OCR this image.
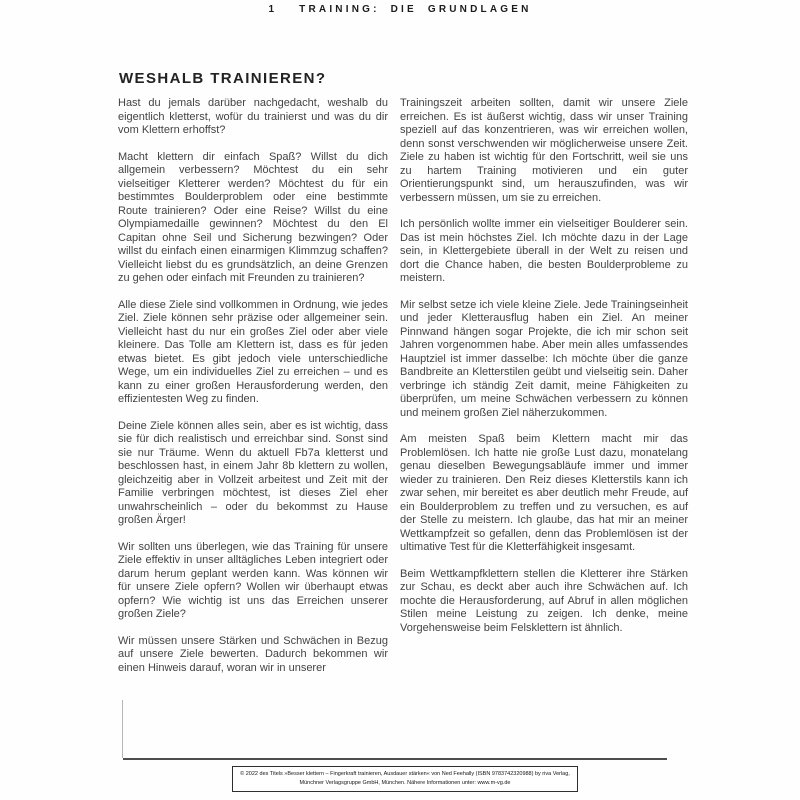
1  TRAINING: DIE GRUNDLAGEN
WESHALB TRAINIEREN?

Hast du jemals darüber nachgedacht, weshalb du eigentlich kletterst, wofür du trainierst und was du dir vom Klettern erhoffst?

Macht klettern dir einfach Spaß? Willst du dich allgemein verbessern? Möchtest du ein sehr vielseitiger Kletterer werden? Möchtest du für ein bestimmtes Boulderproblem oder eine bestimmte Route trainieren? Oder eine Reise? Willst du eine Olympiamedaille gewinnen? Möchtest du den El Capitan ohne Seil und Sicherung bezwingen? Oder willst du einfach einen einarmigen Klimmzug schaffen? Vielleicht liebst du es grundsätzlich, an deine Grenzen zu gehen oder einfach mit Freunden zu trainieren?

Alle diese Ziele sind vollkommen in Ordnung, wie jedes Ziel. Ziele können sehr präzise oder allgemeiner sein. Vielleicht hast du nur ein großes Ziel oder aber viele kleinere. Das Tolle am Klettern ist, dass es für jeden etwas bietet. Es gibt jedoch viele unterschiedliche Wege, um ein individuelles Ziel zu erreichen – und es kann zu einer großen Herausforderung werden, den effizientesten Weg zu finden.

Deine Ziele können alles sein, aber es ist wichtig, dass sie für dich realistisch und erreichbar sind. Sonst sind sie nur Träume. Wenn du aktuell Fb7a kletterst und beschlossen hast, in einem Jahr 8b klettern zu wollen, gleichzeitig aber in Vollzeit arbeitest und Zeit mit der Familie verbringen möchtest, ist dieses Ziel eher unwahrscheinlich – oder du bekommst zu Hause großen Ärger!

Wir sollten uns überlegen, wie das Training für unsere Ziele effektiv in unser alltägliches Leben integriert oder darum herum geplant werden kann. Was können wir für unsere Ziele opfern? Wollen wir überhaupt etwas opfern? Wie wichtig ist uns das Erreichen unserer großen Ziele?

Wir müssen unsere Stärken und Schwächen in Bezug auf unsere Ziele bewerten. Dadurch bekommen wir einen Hinweis darauf, woran wir in unserer

Trainingszeit arbeiten sollten, damit wir unsere Ziele erreichen. Es ist äußerst wichtig, dass wir unser Training speziell auf das konzentrieren, was wir erreichen wollen, denn sonst verschwenden wir möglicherweise unsere Zeit. Ziele zu haben ist wichtig für den Fortschritt, weil sie uns zu hartem Training motivieren und ein guter Orientierungspunkt sind, um herauszufinden, was wir verbessern müssen, um sie zu erreichen.

Ich persönlich wollte immer ein vielseitiger Boulderer sein. Das ist mein höchstes Ziel. Ich möchte dazu in der Lage sein, in Klettergebiete überall in der Welt zu reisen und dort die Chance haben, die besten Boulderprobleme zu meistern.

Mir selbst setze ich viele kleine Ziele. Jede Trainingseinheit und jeder Kletterausflug haben ein Ziel. An meiner Pinnwand hängen sogar Projekte, die ich mir schon seit Jahren vorgenommen habe. Aber mein alles umfassendes Hauptziel ist immer dasselbe: Ich möchte über die ganze Bandbreite an Kletterstilen geübt und vielseitig sein. Daher verbringe ich ständig Zeit damit, meine Fähigkeiten zu überprüfen, um meine Schwächen verbessern zu können und meinem großen Ziel näherzukommen.

Am meisten Spaß beim Klettern macht mir das Problemlösen. Ich hatte nie große Lust dazu, monatelang genau dieselben Bewegungsabläufe immer und immer wieder zu trainieren. Den Reiz dieses Kletterstils kann ich zwar sehen, mir bereitet es aber deutlich mehr Freude, auf ein Boulderproblem zu treffen und zu versuchen, es auf der Stelle zu meistern. Ich glaube, das hat mir an meiner Wettkampfzeit so gefallen, denn das Problemlösen ist der ultimative Test für die Kletterfähigkeit insgesamt.

Beim Wettkampfklettern stellen die Kletterer ihre Stärken zur Schau, es deckt aber auch ihre Schwächen auf. Ich mochte die Herausforderung, auf Abruf in allen möglichen Stilen meine Leistung zu zeigen. Ich denke, meine Vorgehensweise beim Felsklettern ist ähnlich.

© 2022 des Titels »Besser klettern – Fingerkraft trainieren, Ausdauer stärken« von Ned Feehally (ISBN 9783742320988) by riva Verlag,
Münchner Verlagsgruppe GmbH, München. Nähere Informationen unter: www.m-vg.de
